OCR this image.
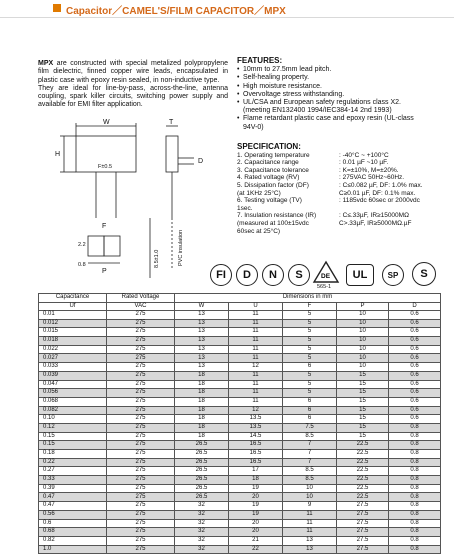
Capacitor／CAMEL'S/FILM CAPACITOR／MPX

MPX are constructed with special metalized polypropylene film dielectric, finned copper wire leads, encapsulated in plastic case with epoxy resin sealed, in non-inductive type.

They are ideal for line-by-pass, across-the-line, antenna coupling, spark killer circuits, switching power supply and available for EMI filter application.

FEATURES:
• 10mm to 27.5mm lead pitch.
• Self-healing property.
• High moisture resistance.
• Overvoltage stress withstanding.
• UL/CSA and European safety regulations class X2. (meeting EN132400 1994/IEC384-14 2nd 1993)
• Flame retardant plastic case and epoxy resin (UL-class 94V-0)
SPECIFICATION:
1. Operating temperature	: -40°C ~ +100°C
2. Capacitance range	: 0.01 µF ~10 µF.
3. Capacitance tolerance	: K=±10%, M=±20%.
4. Rated voltage (RV)	: 275VAC 50Hz~60Hz.
5. Dissipation factor (DF)	: C≤0.082 µF, DF: 1.0% max.
(at 1KHz 25°C)	C≥0.01 µF, DF: 0.1% max.
6. Testing voltage (TV)	: 1185vdc 60sec or 2000vdc
1sec.
7. Insulation resistance (IR)	: C≤.33µF, IR≥15000MΩ
(measured at 100±15vdc	C>.33µF, IR≥5000MΩ.µF
60sec at 25°C)
W	T
H
F±0.5
D
F
P
2.2
0.8	8.5±1.0	PVC insulation
FI D N S	DE
565-1
UL	SP S
Capacitance	Rated Voltage	Dimensions in mm				
Uf	VAC	W	U	F	P	D
0.01	275	13	11	5	10	0.6
0.012	275	13	11	5	10	0.6
0.015	275	13	11	5	10	0.6
0.018	275	13	11	5	10	0.6
0.022	275	13	11	5	10	0.6
0.027	275	13	11	5	10	0.6
0.033	275	13	12	6	10	0.6
0.039	275	18	11	5	15	0.6
0.047	275	18	11	5	15	0.6
0.056	275	18	11	5	15	0.6
0.068	275	18	11	6	15	0.6
0.082	275	18	12	6	15	0.6
0.10	275	18	13.5	6	15	0.6
0.12	275	18	13.5	7.5	15	0.8
0.15	275	18	14.5	8.5	15	0.8
0.15	275	26.5	16.5	7	22.5	0.8
0.18	275	26.5	16.5	7	22.5	0.8
0.22	275	26.5	16.5	7	22.5	0.8
0.27	275	26.5	17	8.5	22.5	0.8
0.33	275	26.5	18	8.5	22.5	0.8
0.39	275	26.5	19	10	22.5	0.8
0.47	275	26.5	20	10	22.5	0.8
0.47	275	32	19	9	27.5	0.8
0.56	275	32	19	11	27.5	0.8
0.6	275	32	20	11	27.5	0.8
0.68	275	32	20	11	27.5	0.8
0.82	275	32	21	13	27.5	0.8
1.0	275	32	22	13	27.5	0.8
